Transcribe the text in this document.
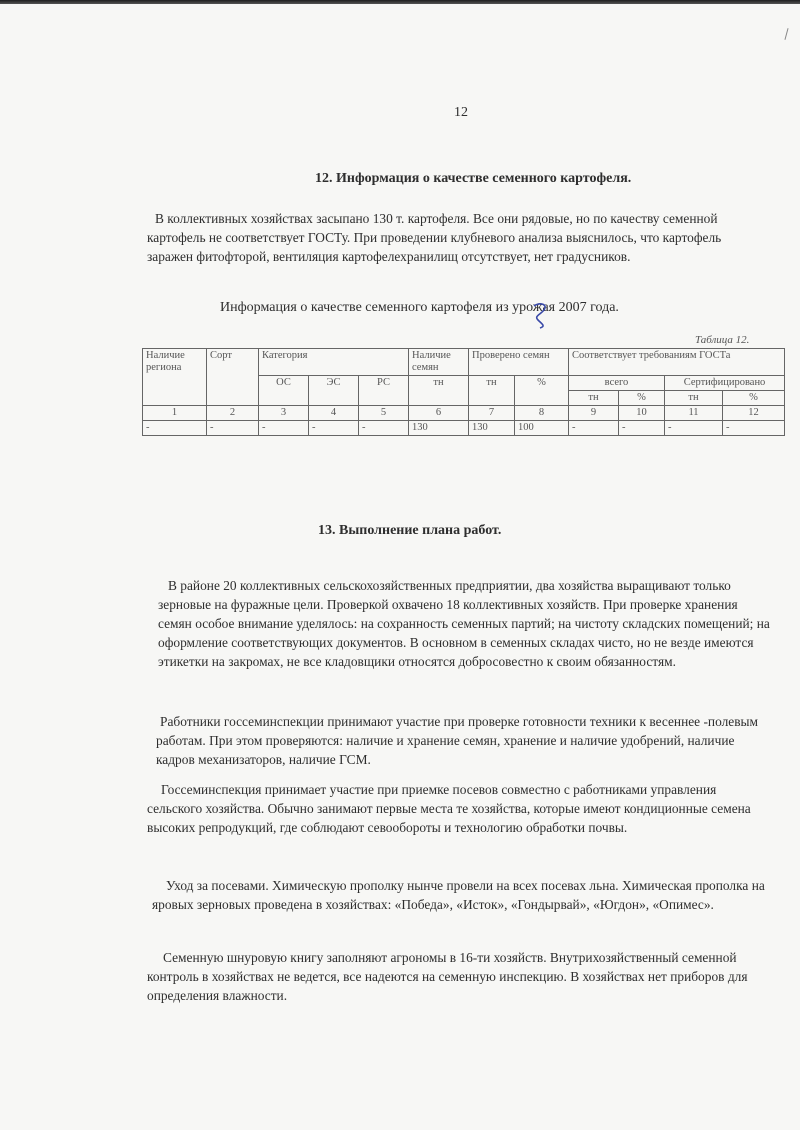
12
12. Информация о качестве семенного картофеля.

В коллективных хозяйствах засыпано 130 т. картофеля. Все они рядовые, но по качеству семенной картофель не соответствует ГОСТу. При проведении клубневого анализа выяснилось, что картофель заражен фитофторой, вентиляция картофелехранилищ отсутствует, нет градусников.

Информация о качестве семенного картофеля из урожая 2007 года.
Таблица 12.
Наличие региона	Сорт	Категория			Наличие семян	Проверено семян		Соответствует требованиям ГОСТа			
		ОС	ЭС	РС	тн	тн	%	всего		Сертифицировано	
								тн	%	тн	%
1	2	3	4	5	6	7	8	9	10	11	12
-	-	-	-	-	130	130	100	-	-	-	-
13. Выполнение плана работ.

В районе 20 коллективных сельскохозяйственных предприятии, два хозяйства выращивают только зерновые на фуражные цели. Проверкой охвачено 18 коллективных хозяйств. При проверке хранения семян особое внимание уделялось: на сохранность семенных партий; на чистоту складских помещений; на оформление соответствующих документов. В основном в семенных складах чисто, но не везде имеются этикетки на закромах, не все кладовщики относятся добросовестно к своим обязанностям.

Работники госсеминспекции принимают участие при проверке готовности техники к весеннее -полевым работам. При этом проверяются: наличие и хранение семян, хранение и наличие удобрений, наличие кадров механизаторов, наличие ГСМ.

Госсеминспекция принимает участие при приемке посевов совместно с работниками управления сельского хозяйства. Обычно занимают первые места те хозяйства, которые имеют кондиционные семена высоких репродукций, где соблюдают севообороты и технологию обработки почвы.

Уход за посевами. Химическую прополку нынче провели на всех посевах льна. Химическая прополка на яровых зерновых проведена в хозяйствах: «Победа», «Исток», «Гондырвай», «Югдон», «Опимес».

Семенную шнуровую книгу заполняют агрономы в 16-ти хозяйств. Внутрихозяйственный семенной контроль в хозяйствах не ведется, все надеются на семенную инспекцию. В хозяйствах нет приборов для определения влажности.
